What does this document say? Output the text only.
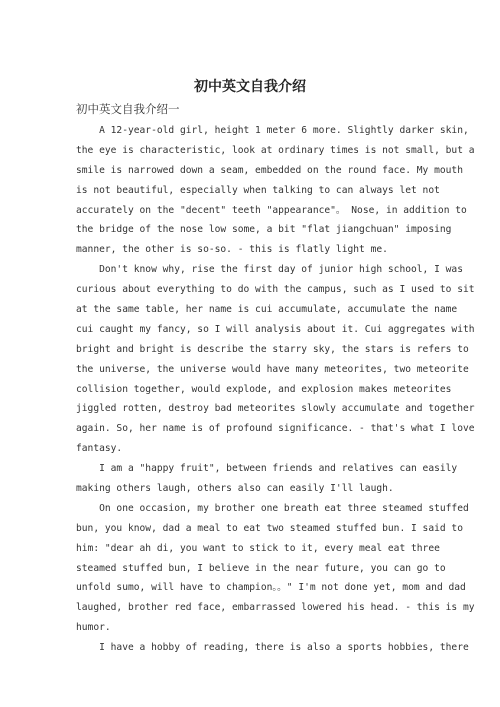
初中英文自我介绍

初中英文自我介绍一

A 12-year-old girl, height 1 meter 6 more. Slightly darker skin,
the eye is characteristic, look at ordinary times is not small, but a
smile is narrowed down a seam, embedded on the round face. My mouth
is not beautiful, especially when talking to can always let not
accurately on the "decent" teeth "appearance"。 Nose, in addition to
the bridge of the nose low some, a bit "flat jiangchuan" imposing
manner, the other is so-so. - this is flatly light me.
Don't know why, rise the first day of junior high school, I was
curious about everything to do with the campus, such as I used to sit
at the same table, her name is cui accumulate, accumulate the name
cui caught my fancy, so I will analysis about it. Cui aggregates with
bright and bright is describe the starry sky, the stars is refers to
the universe, the universe would have many meteorites, two meteorite
collision together, would explode, and explosion makes meteorites
jiggled rotten, destroy bad meteorites slowly accumulate and together
again. So, her name is of profound significance. - that's what I love
fantasy.
I am a "happy fruit", between friends and relatives can easily
making others laugh, others also can easily I'll laugh.
On one occasion, my brother one breath eat three steamed stuffed
bun, you know, dad a meal to eat two steamed stuffed bun. I said to
him: "dear ah di, you want to stick to it, every meal eat three
steamed stuffed bun, I believe in the near future, you can go to
unfold sumo, will have to champion。。" I'm not done yet, mom and dad
laughed, brother red face, embarrassed lowered his head. - this is my
humor.
I have a hobby of reading, there is also a sports hobbies, there
